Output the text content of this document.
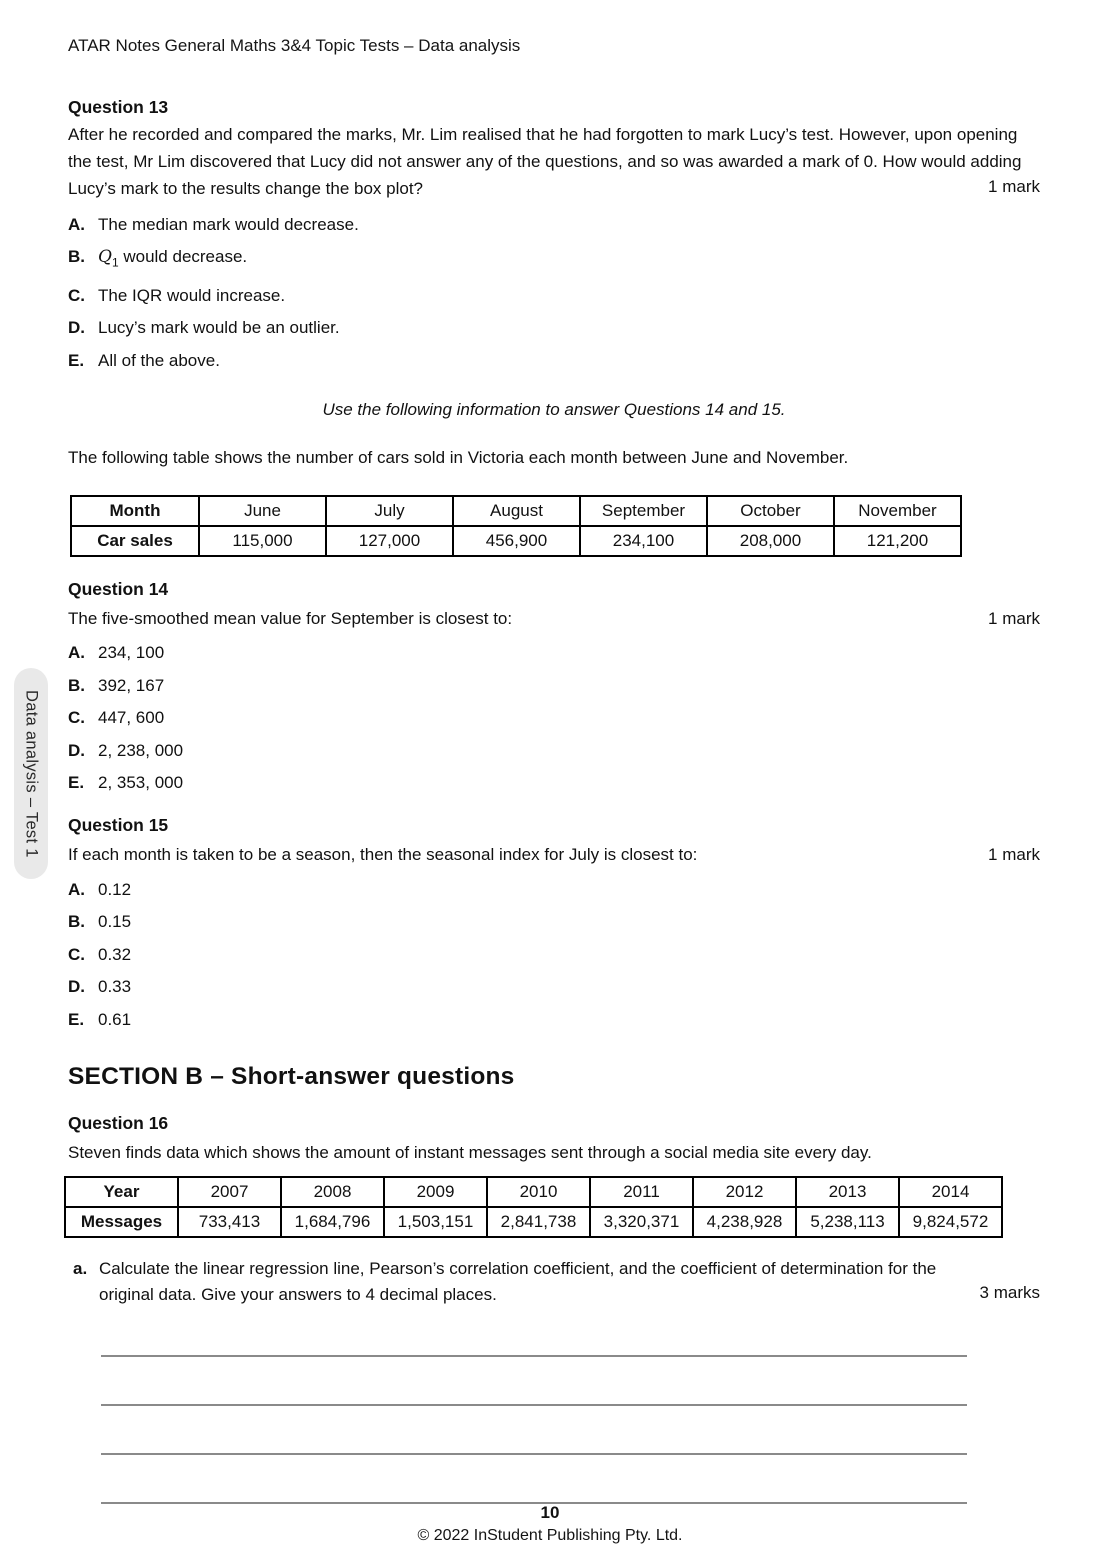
Data analysis – Test 1
ATAR Notes General Maths 3&4 Topic Tests – Data analysis
Question 13
After he recorded and compared the marks, Mr. Lim realised that he had forgotten to mark Lucy’s test. However, upon opening the test, Mr Lim discovered that Lucy did not answer any of the questions, and so was awarded a mark of 0. How would adding Lucy’s mark to the results change the box plot?	1 mark
A. The median mark would decrease.
B. $Q_1$ would decrease.
C. The IQR would increase.
D. Lucy’s mark would be an outlier.
E. All of the above.
Use the following information to answer Questions 14 and 15.
The following table shows the number of cars sold in Victoria each month between June and November.
Month	June	July	August	September	October	November
Car sales	115,000	127,000	456,900	234,100	208,000	121,200
Question 14
The five-smoothed mean value for September is closest to:	1 mark
A. 234, 100
B. 392, 167
C. 447, 600
D. 2, 238, 000
E. 2, 353, 000
Question 15
If each month is taken to be a season, then the seasonal index for July is closest to:	1 mark
A. 0.12
B. 0.15
C. 0.32
D. 0.33
E. 0.61
SECTION B – Short-answer questions
Question 16
Steven finds data which shows the amount of instant messages sent through a social media site every day.
Year	2007	2008	2009	2010	2011	2012	2013	2014
Messages	733,413	1,684,796	1,503,151	2,841,738	3,320,371	4,238,928	5,238,113	9,824,572
a. Calculate the linear regression line, Pearson’s correlation coefficient, and the coefficient of determination for the original data. Give your answers to 4 decimal places.	3 marks
10
© 2022 InStudent Publishing Pty. Ltd.
